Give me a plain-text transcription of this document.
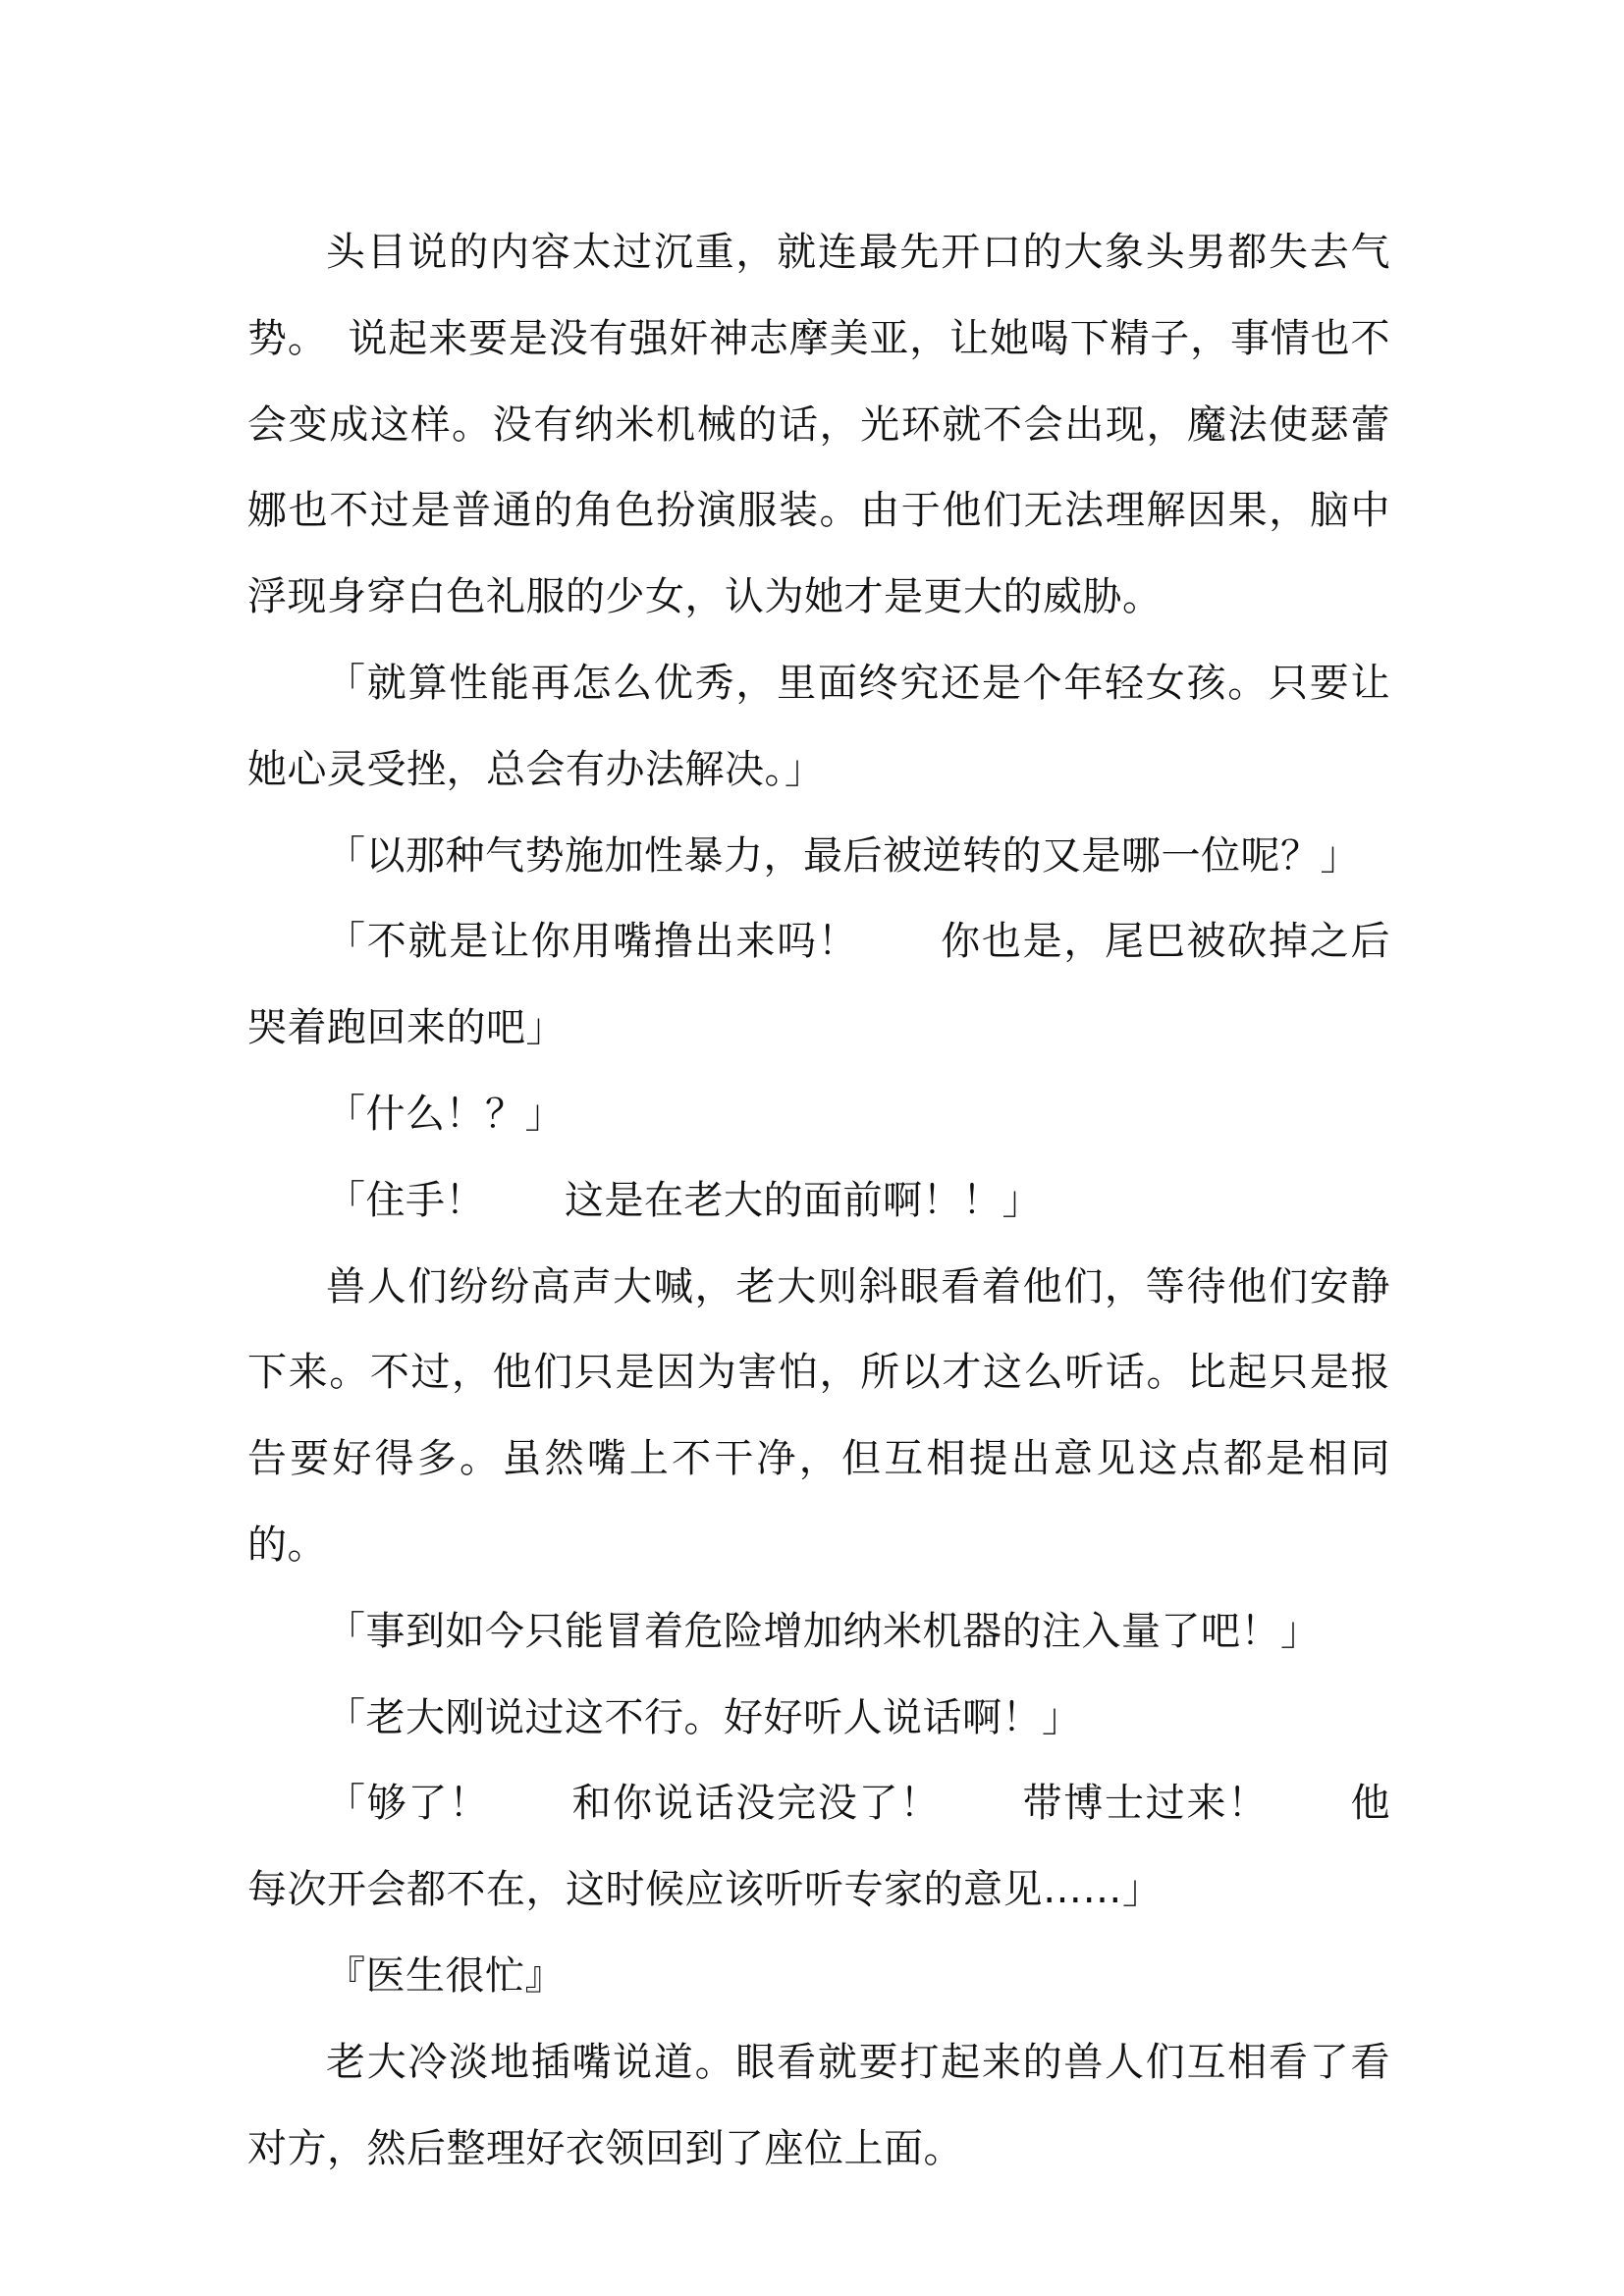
头目说的内容太过沉重，就连最先开口的大象头男都失去气势。　说起来要是没有强奸神志摩美亚，让她喝下精子，事情也不会变成这样。没有纳米机械的话，光环就不会出现，魔法使瑟蕾娜也不过是普通的角色扮演服装。由于他们无法理解因果，脑中浮现身穿白色礼服的少女，认为她才是更大的威胁。

「就算性能再怎么优秀，里面终究还是个年轻女孩。只要让她心灵受挫，总会有办法解决。」

「以那种气势施加性暴力，最后被逆转的又是哪一位呢？」

「不就是让你用嘴撸出来吗！　　你也是，尾巴被砍掉之后哭着跑回来的吧」

「什么！？」

「住手！　　这是在老大的面前啊！！」

兽人们纷纷高声大喊，老大则斜眼看着他们，等待他们安静下来。不过，他们只是因为害怕，所以才这么听话。比起只是报告要好得多。虽然嘴上不干净，但互相提出意见这点都是相同的。

「事到如今只能冒着危险增加纳米机器的注入量了吧！」

「老大刚说过这不行。好好听人说话啊！」

「够了！　　和你说话没完没了！　　带博士过来！　　他每次开会都不在，这时候应该听听专家的意见……」

『医生很忙』

老大冷淡地插嘴说道。眼看就要打起来的兽人们互相看了看对方，然后整理好衣领回到了座位上面。
